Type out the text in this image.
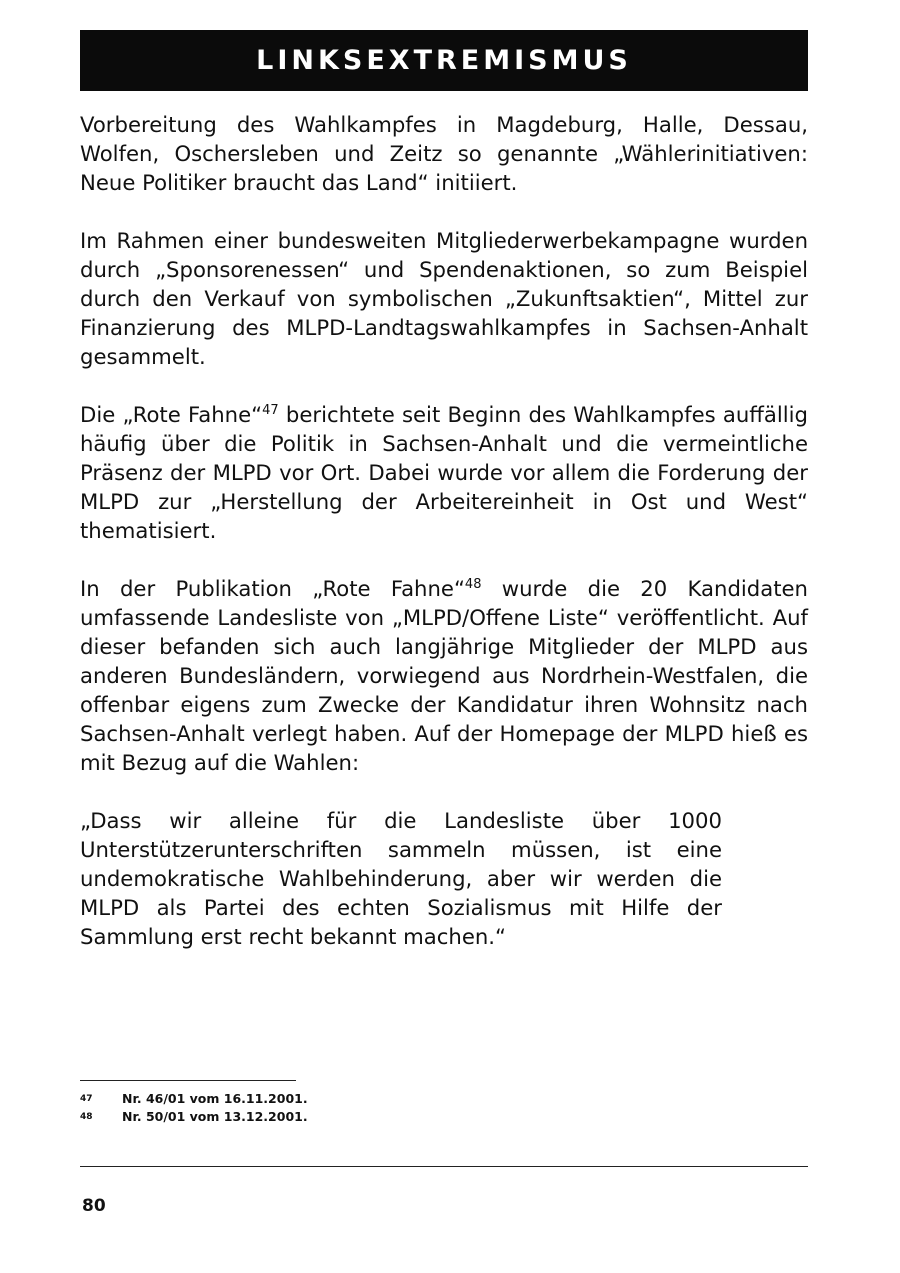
LINKSEXTREMISMUS

Vorbereitung des Wahlkampfes in Magdeburg, Halle, Dessau, Wolfen, Oschersleben und Zeitz so genannte „Wählerinitiativen: Neue Politiker braucht das Land“ initiiert.

Im Rahmen einer bundesweiten Mitgliederwerbekampagne wurden durch „Sponsorenessen“ und Spendenaktionen, so zum Beispiel durch den Verkauf von symbolischen „Zukunftsaktien“, Mittel zur Finanzierung des MLPD-Landtagswahlkampfes in Sachsen-Anhalt gesammelt.

Die „Rote Fahne“$^{47}$ berichtete seit Beginn des Wahlkampfes auffällig häufig über die Politik in Sachsen-Anhalt und die vermeintliche Präsenz der MLPD vor Ort. Dabei wurde vor allem die Forderung der MLPD zur „Herstellung der Arbeitereinheit in Ost und West“ thematisiert.

In der Publikation „Rote Fahne“$^{48}$ wurde die 20 Kandidaten umfassende Landesliste von „MLPD/Offene Liste“ veröffentlicht. Auf dieser befanden sich auch langjährige Mitglieder der MLPD aus anderen Bundesländern, vorwiegend aus Nordrhein-Westfalen, die offenbar eigens zum Zwecke der Kandidatur ihren Wohnsitz nach Sachsen-Anhalt verlegt haben. Auf der Homepage der MLPD hieß es mit Bezug auf die Wahlen:

„Dass wir alleine für die Landesliste über 1000 Unterstützerunterschriften sammeln müssen, ist eine undemokratische Wahlbehinderung, aber wir werden die MLPD als Partei des echten Sozialismus mit Hilfe der Sammlung erst recht bekannt machen.“

47	Nr. 46/01 vom 16.11.2001.
48	Nr. 50/01 vom 13.12.2001.
80
